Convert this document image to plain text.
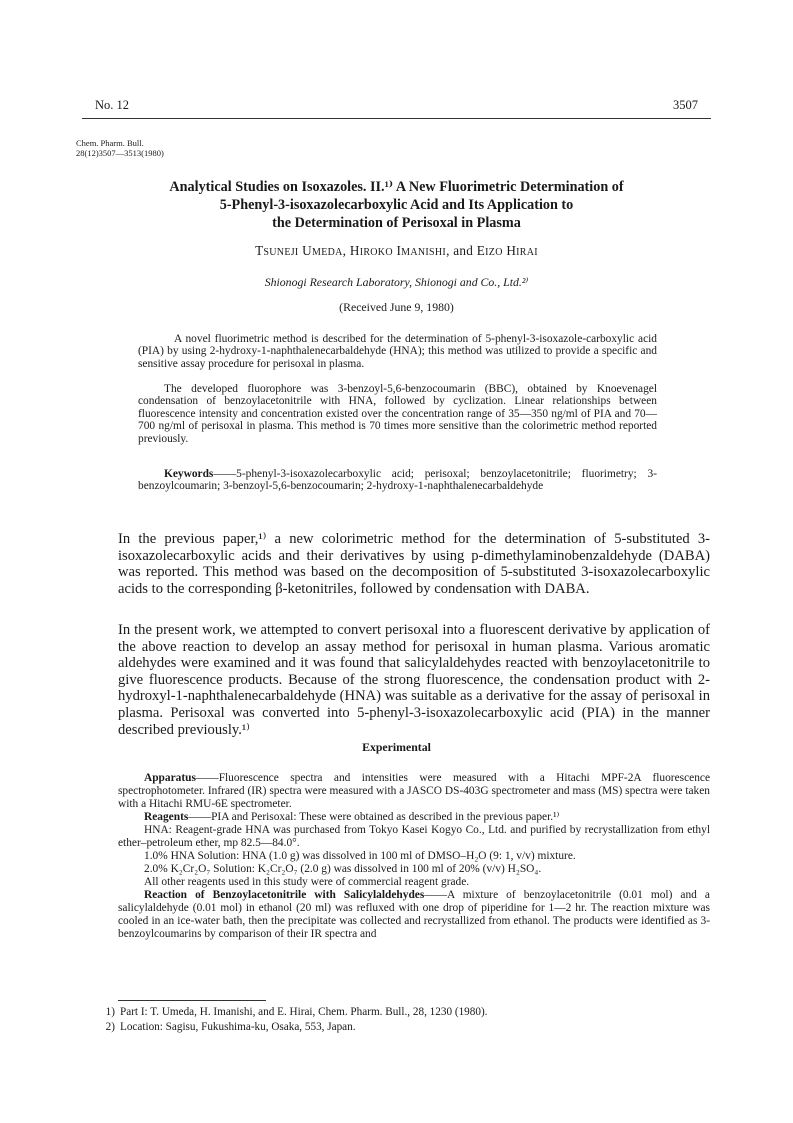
No. 12	3507
Chem. Pharm. Bull.
28(12)3507—3513(1980)
Analytical Studies on Isoxazoles. II.¹⁾ A New Fluorimetric Determination of
5-Phenyl-3-isoxazolecarboxylic Acid and Its Application to
the Determination of Perisoxal in Plasma
TSUNEJI UMEDA, HIROKO IMANISHI, and EIZO HIRAI
Shionogi Research Laboratory, Shionogi and Co., Ltd.²⁾
(Received June 9, 1980)

A novel fluorimetric method is described for the determination of 5-phenyl-3-isoxazole-carboxylic acid (PIA) by using 2-hydroxy-1-naphthalenecarbaldehyde (HNA); this method was utilized to provide a specific and sensitive assay procedure for perisoxal in plasma.

The developed fluorophore was 3-benzoyl-5,6-benzocoumarin (BBC), obtained by Knoevenagel condensation of benzoylacetonitrile with HNA, followed by cyclization. Linear relationships between fluorescence intensity and concentration existed over the concentration range of 35—350 ng/ml of PIA and 70—700 ng/ml of perisoxal in plasma. This method is 70 times more sensitive than the colorimetric method reported previously.

Keywords——5-phenyl-3-isoxazolecarboxylic acid; perisoxal; benzoylacetonitrile; fluorimetry; 3-benzoylcoumarin; 3-benzoyl-5,6-benzocoumarin; 2-hydroxy-1-naphthalenecarbaldehyde

In the previous paper,¹⁾ a new colorimetric method for the determination of 5-substituted 3-isoxazolecarboxylic acids and their derivatives by using p-dimethylaminobenzaldehyde (DABA) was reported. This method was based on the decomposition of 5-substituted 3-isoxazolecarboxylic acids to the corresponding β-ketonitriles, followed by condensation with DABA.

In the present work, we attempted to convert perisoxal into a fluorescent derivative by application of the above reaction to develop an assay method for perisoxal in human plasma. Various aromatic aldehydes were examined and it was found that salicylaldehydes reacted with benzoylacetonitrile to give fluorescence products. Because of the strong fluorescence, the condensation product with 2-hydroxyl-1-naphthalenecarbaldehyde (HNA) was suitable as a derivative for the assay of perisoxal in plasma. Perisoxal was converted into 5-phenyl-3-isoxazolecarboxylic acid (PIA) in the manner described previously.¹⁾

Experimental

Apparatus——Fluorescence spectra and intensities were measured with a Hitachi MPF-2A fluorescence spectrophotometer. Infrared (IR) spectra were measured with a JASCO DS-403G spectrometer and mass (MS) spectra were taken with a Hitachi RMU-6E spectrometer.

Reagents——PIA and Perisoxal: These were obtained as described in the previous paper.¹⁾

HNA: Reagent-grade HNA was purchased from Tokyo Kasei Kogyo Co., Ltd. and purified by recrystallization from ethyl ether–petroleum ether, mp 82.5—84.0°.

1.0% HNA Solution: HNA (1.0 g) was dissolved in 100 ml of DMSO–H₂O (9: 1, v/v) mixture.

2.0% K₂Cr₂O₇ Solution: K₂Cr₂O₇ (2.0 g) was dissolved in 100 ml of 20% (v/v) H₂SO₄.

All other reagents used in this study were of commercial reagent grade.

Reaction of Benzoylacetonitrile with Salicylaldehydes——A mixture of benzoylacetonitrile (0.01 mol) and a salicylaldehyde (0.01 mol) in ethanol (20 ml) was refluxed with one drop of piperidine for 1—2 hr. The reaction mixture was cooled in an ice-water bath, then the precipitate was collected and recrystallized from ethanol. The products were identified as 3-benzoylcoumarins by comparison of their IR spectra and

1) Part I: T. Umeda, H. Imanishi, and E. Hirai, Chem. Pharm. Bull., 28, 1230 (1980).
2) Location: Sagisu, Fukushima-ku, Osaka, 553, Japan.
